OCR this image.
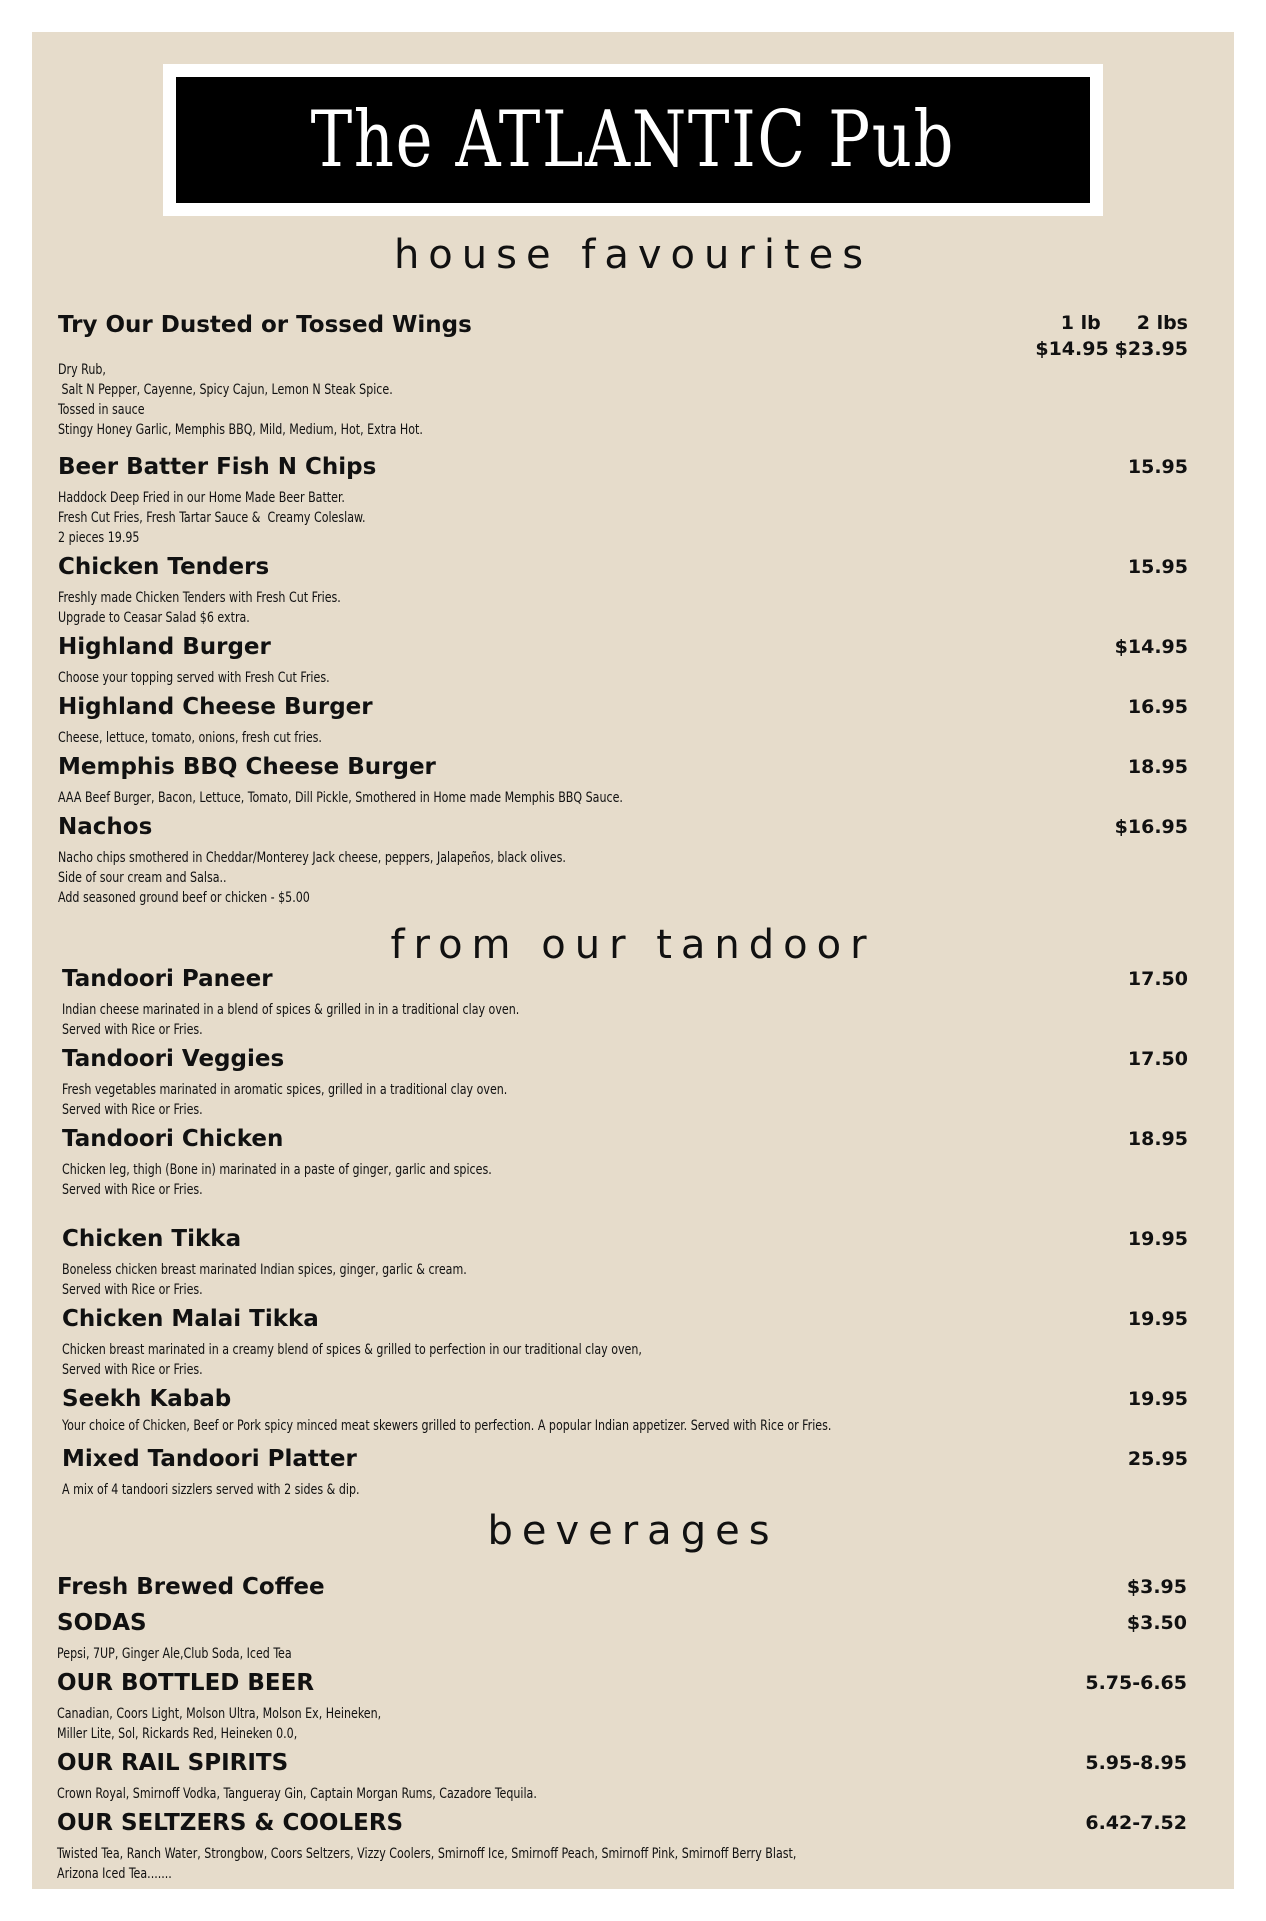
The ATLANTIC Pub
house favourites
Try Our Dusted or Tossed Wings	1 lb 2 lbs
$14.95 $23.95
Dry Rub,
Salt N Pepper, Cayenne, Spicy Cajun, Lemon N Steak Spice.
Tossed in sauce
Stingy Honey Garlic, Memphis BBQ, Mild, Medium, Hot, Extra Hot.
Beer Batter Fish N Chips	15.95
Haddock Deep Fried in our Home Made Beer Batter.
Fresh Cut Fries, Fresh Tartar Sauce &  Creamy Coleslaw.
2 pieces 19.95
Chicken Tenders	15.95
Freshly made Chicken Tenders with Fresh Cut Fries.
Upgrade to Ceasar Salad $6 extra.
Highland Burger	$14.95
Choose your topping served with Fresh Cut Fries.
Highland Cheese Burger	16.95
Cheese, lettuce, tomato, onions, fresh cut fries.
Memphis BBQ Cheese Burger	18.95
AAA Beef Burger, Bacon, Lettuce, Tomato, Dill Pickle, Smothered in Home made Memphis BBQ Sauce.
Nachos	$16.95
Nacho chips smothered in Cheddar/Monterey Jack cheese, peppers, Jalapeños, black olives.
Side of sour cream and Salsa..
Add seasoned ground beef or chicken - $5.00
from our tandoor
Tandoori Paneer	17.50
Indian cheese marinated in a blend of spices & grilled in in a traditional clay oven.
Served with Rice or Fries.
Tandoori Veggies	17.50
Fresh vegetables marinated in aromatic spices, grilled in a traditional clay oven.
Served with Rice or Fries.
Tandoori Chicken	18.95
Chicken leg, thigh (Bone in) marinated in a paste of ginger, garlic and spices.
Served with Rice or Fries.
Chicken Tikka	19.95
Boneless chicken breast marinated Indian spices, ginger, garlic & cream.
Served with Rice or Fries.
Chicken Malai Tikka	19.95
Chicken breast marinated in a creamy blend of spices & grilled to perfection in our traditional clay oven,
Served with Rice or Fries.
Seekh Kabab	19.95
Your choice of Chicken, Beef or Pork spicy minced meat skewers grilled to perfection. A popular Indian appetizer. Served with Rice or Fries.
Mixed Tandoori Platter	25.95
A mix of 4 tandoori sizzlers served with 2 sides & dip.
beverages
Fresh Brewed Coffee	$3.95
SODAS	$3.50
Pepsi, 7UP, Ginger Ale,Club Soda, Iced Tea
OUR BOTTLED BEER	5.75-6.65
Canadian, Coors Light, Molson Ultra, Molson Ex, Heineken,
Miller Lite, Sol, Rickards Red, Heineken 0.0,
OUR RAIL SPIRITS	5.95-8.95
Crown Royal, Smirnoff Vodka, Tangueray Gin, Captain Morgan Rums, Cazadore Tequila.
OUR SELTZERS & COOLERS	6.42-7.52
Twisted Tea, Ranch Water, Strongbow, Coors Seltzers, Vizzy Coolers, Smirnoff Ice, Smirnoff Peach, Smirnoff Pink, Smirnoff Berry Blast,
Arizona Iced Tea.......
